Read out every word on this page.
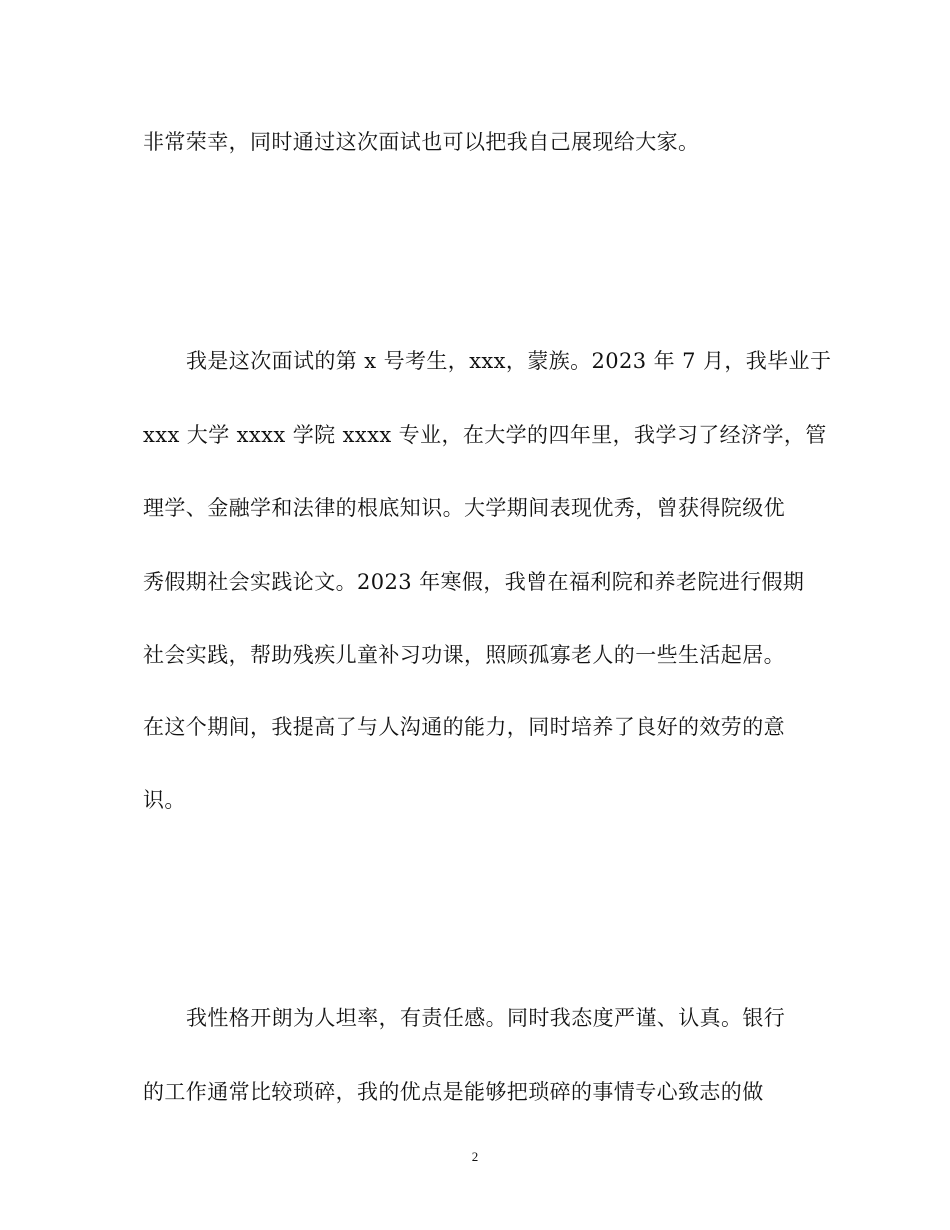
非常荣幸，同时通过这次面试也可以把我自己展现给大家。
我是这次面试的第 x 号考生，xxx，蒙族。2023 年 7 月，我毕业于
xxx 大学 xxxx 学院 xxxx 专业，在大学的四年里，我学习了经济学，管
理学、金融学和法律的根底知识。大学期间表现优秀，曾获得院级优
秀假期社会实践论文。2023 年寒假，我曾在福利院和养老院进行假期
社会实践，帮助残疾儿童补习功课，照顾孤寡老人的一些生活起居。
在这个期间，我提高了与人沟通的能力，同时培养了良好的效劳的意
识。
我性格开朗为人坦率，有责任感。同时我态度严谨、认真。银行
的工作通常比较琐碎，我的优点是能够把琐碎的事情专心致志的做
2
